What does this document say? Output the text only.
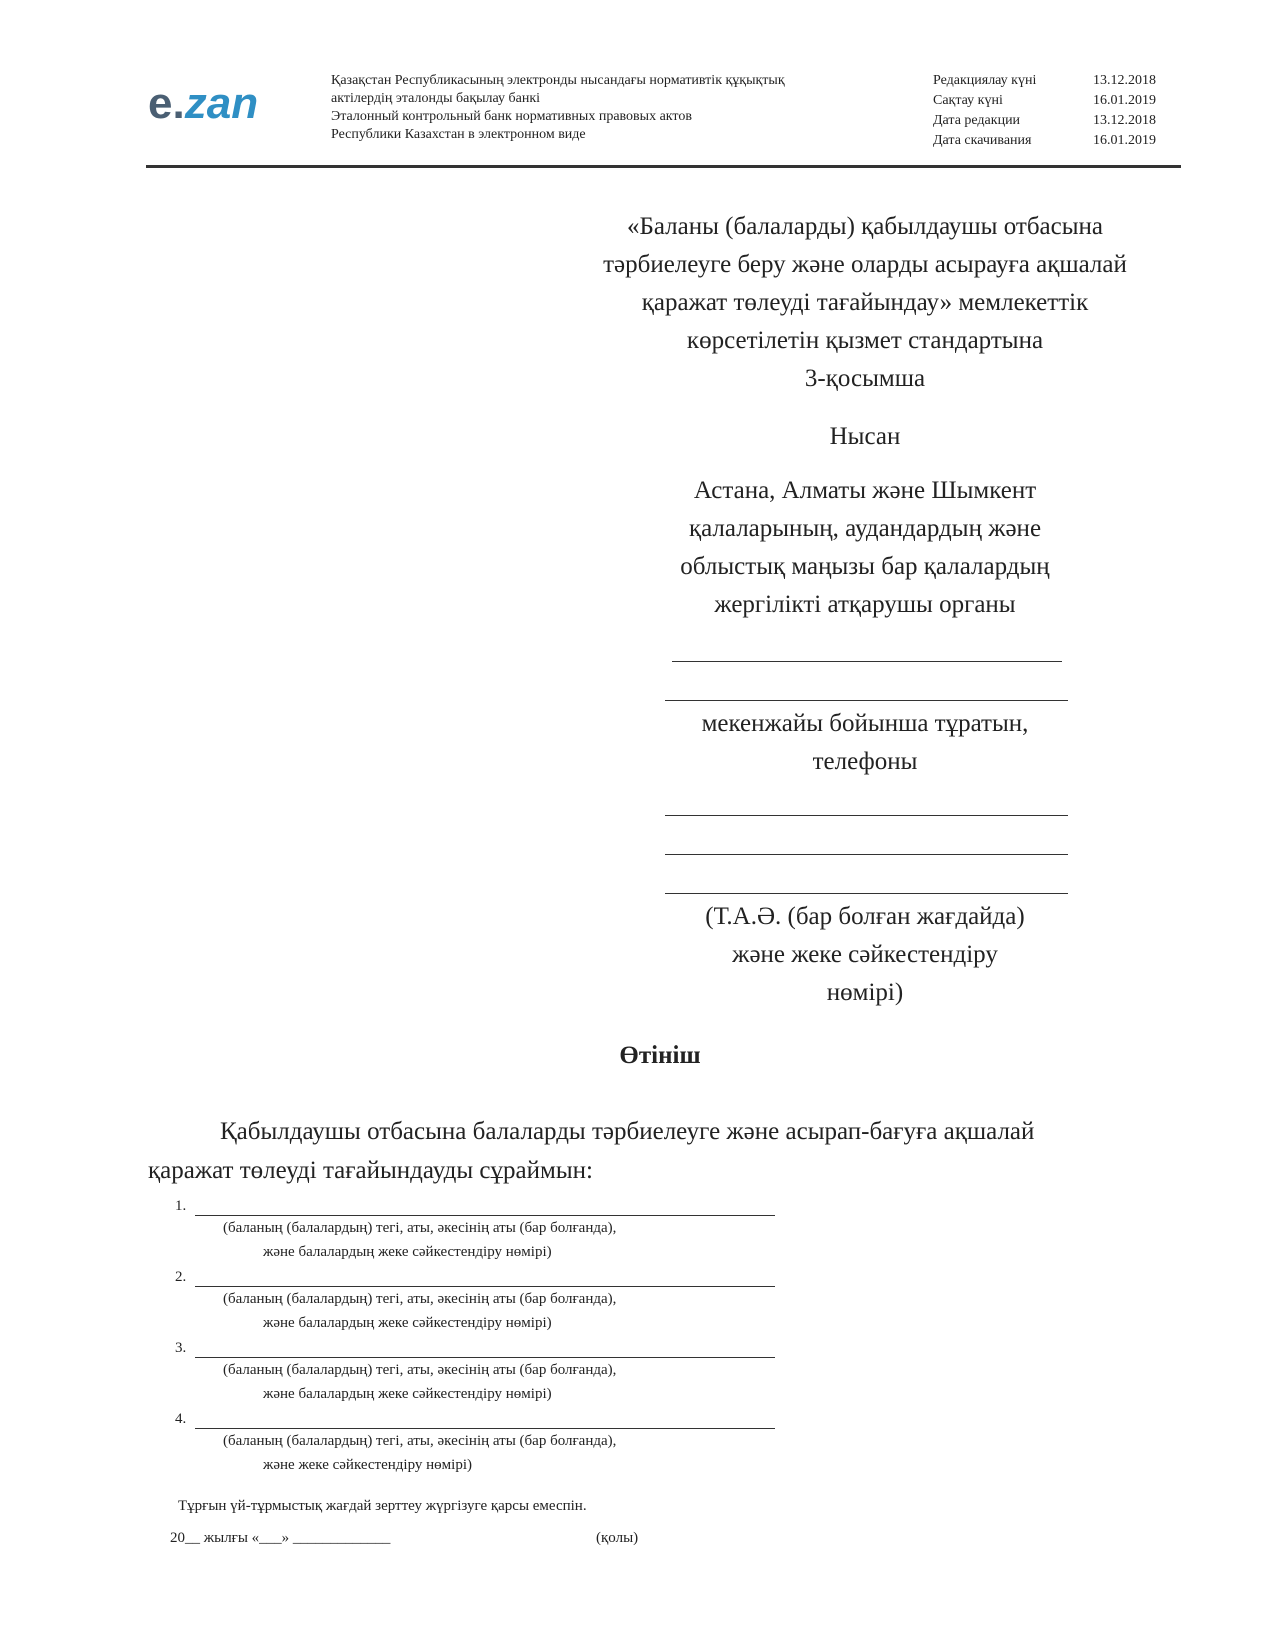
e.zan	Қазақстан Республикасының электронды нысандағы нормативтік құқықтық
актілердің эталонды бақылау банкі
Эталонный контрольный банк нормативных правовых актов
Республики Казахстан в электронном виде
Редакциялау күні	13.12.2018
Сақтау күні	16.01.2019
Дата редакции	13.12.2018
Дата скачивания	16.01.2019
«Баланы (балаларды) қабылдаушы отбасына
тәрбиелеуге беру және оларды асырауға ақшалай
қаражат төлеуді тағайындау» мемлекеттік
көрсетілетін қызмет стандартына
3-қосымша
Нысан
Астана, Алматы және Шымкент
қалаларының, аудандардың және
облыстық маңызы бар қалалардың
жергілікті атқарушы органы
мекенжайы бойынша тұратын,
телефоны
(Т.А.Ә. (бар болған жағдайда)
және жеке сәйкестендіру
нөмірі)
Өтініш
Қабылдаушы отбасына балаларды тәрбиелеуге және асырап-бағуға ақшалай
қаражат төлеуді тағайындауды сұраймын:
1.
(баланың (балалардың) тегі, аты, әкесінің аты (бар болғанда),
және балалардың жеке сәйкестендіру нөмірі)
2.
(баланың (балалардың) тегі, аты, әкесінің аты (бар болғанда),
және балалардың жеке сәйкестендіру нөмірі)
3.
(баланың (балалардың) тегі, аты, әкесінің аты (бар болғанда),
және балалардың жеке сәйкестендіру нөмірі)
4.
(баланың (балалардың) тегі, аты, әкесінің аты (бар болғанда),
және жеке сәйкестендіру нөмірі)
Тұрғын үй-тұрмыстық жағдай зерттеу жүргізуге қарсы емеспін.
20__ жылғы «___» _____________	(қолы)
